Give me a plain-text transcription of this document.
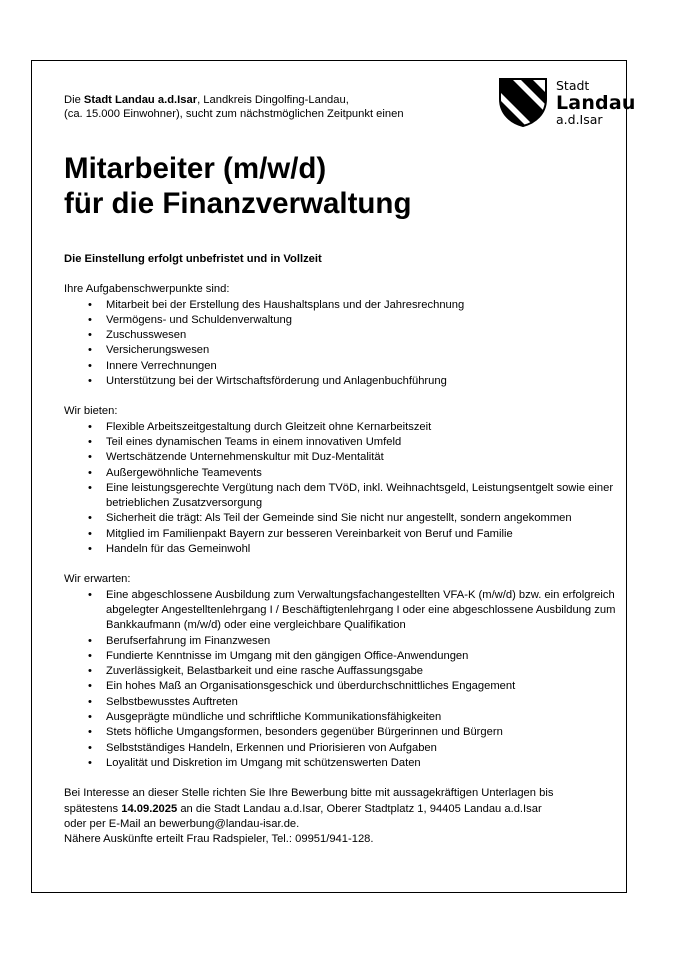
Die Stadt Landau a.d.Isar, Landkreis Dingolfing-Landau,
(ca. 15.000 Einwohner), sucht zum nächstmöglichen Zeitpunkt einen
Stadt
Landau
a.d.Isar
Mitarbeiter (m/w/d)
für die Finanzverwaltung

Die Einstellung erfolgt unbefristet und in Vollzeit

Ihre Aufgabenschwerpunkte sind:

• Mitarbeit bei der Erstellung des Haushaltsplans und der Jahresrechnung
• Vermögens- und Schuldenverwaltung
• Zuschusswesen
• Versicherungswesen
• Innere Verrechnungen
• Unterstützung bei der Wirtschaftsförderung und Anlagenbuchführung

Wir bieten:

• Flexible Arbeitszeitgestaltung durch Gleitzeit ohne Kernarbeitszeit
• Teil eines dynamischen Teams in einem innovativen Umfeld
• Wertschätzende Unternehmenskultur mit Duz-Mentalität
• Außergewöhnliche Teamevents
• Eine leistungsgerechte Vergütung nach dem TVöD, inkl. Weihnachtsgeld, Leistungsentgelt sowie einer betrieblichen Zusatzversorgung
• Sicherheit die trägt: Als Teil der Gemeinde sind Sie nicht nur angestellt, sondern angekommen
• Mitglied im Familienpakt Bayern zur besseren Vereinbarkeit von Beruf und Familie
• Handeln für das Gemeinwohl

Wir erwarten:

• Eine abgeschlossene Ausbildung zum Verwaltungsfachangestellten VFA-K (m/w/d) bzw. ein erfolgreich abgelegter Angestelltenlehrgang I / Beschäftigtenlehrgang I oder eine abgeschlossene Ausbildung zum Bankkaufmann (m/w/d) oder eine vergleichbare Qualifikation
• Berufserfahrung im Finanzwesen
• Fundierte Kenntnisse im Umgang mit den gängigen Office-Anwendungen
• Zuverlässigkeit, Belastbarkeit und eine rasche Auffassungsgabe
• Ein hohes Maß an Organisationsgeschick und überdurchschnittliches Engagement
• Selbstbewusstes Auftreten
• Ausgeprägte mündliche und schriftliche Kommunikationsfähigkeiten
• Stets höfliche Umgangsformen, besonders gegenüber Bürgerinnen und Bürgern
• Selbstständiges Handeln, Erkennen und Priorisieren von Aufgaben
• Loyalität und Diskretion im Umgang mit schützenswerten Daten

Bei Interesse an dieser Stelle richten Sie Ihre Bewerbung bitte mit aussagekräftigen Unterlagen bis

spätestens 14.09.2025 an die Stadt Landau a.d.Isar, Oberer Stadtplatz 1, 94405 Landau a.d.Isar

oder per E-Mail an bewerbung@landau-isar.de.

Nähere Auskünfte erteilt Frau Radspieler, Tel.: 09951/941-128.
